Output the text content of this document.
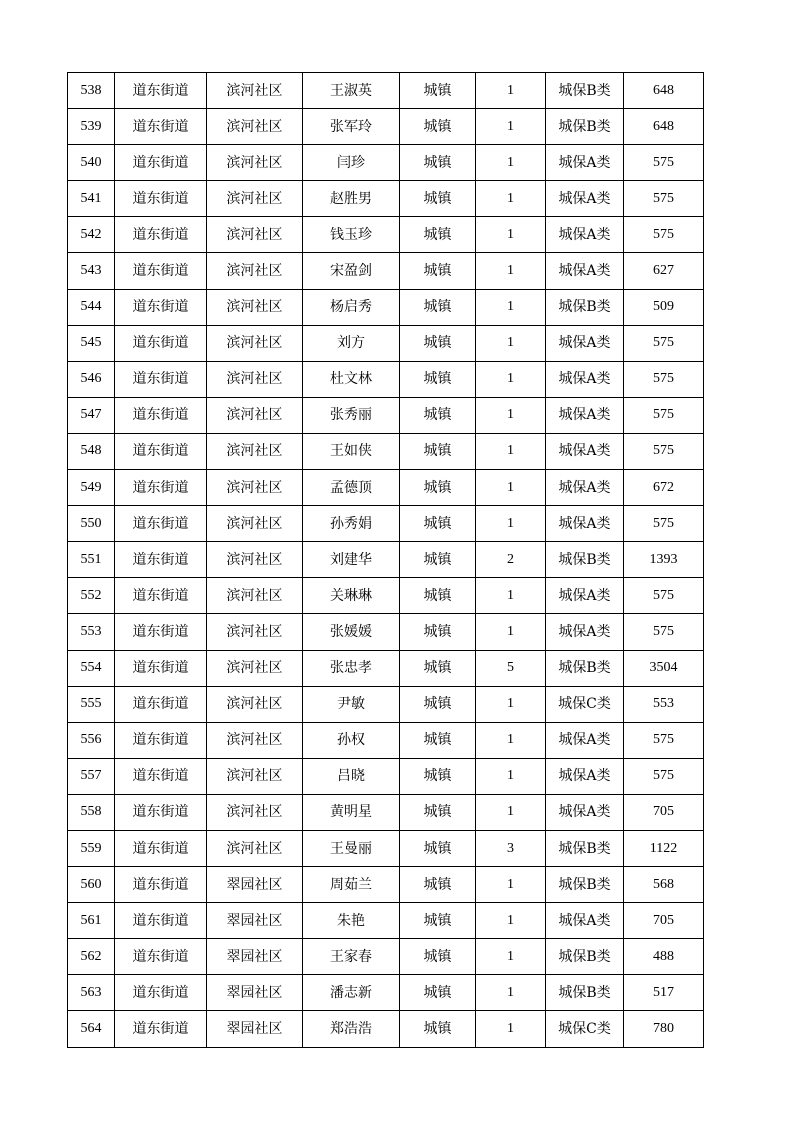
538	道东街道	滨河社区	王淑英	城镇	1	城保B类	648
539	道东街道	滨河社区	张军玲	城镇	1	城保B类	648
540	道东街道	滨河社区	闫珍	城镇	1	城保A类	575
541	道东街道	滨河社区	赵胜男	城镇	1	城保A类	575
542	道东街道	滨河社区	钱玉珍	城镇	1	城保A类	575
543	道东街道	滨河社区	宋盈剑	城镇	1	城保A类	627
544	道东街道	滨河社区	杨启秀	城镇	1	城保B类	509
545	道东街道	滨河社区	刘方	城镇	1	城保A类	575
546	道东街道	滨河社区	杜文林	城镇	1	城保A类	575
547	道东街道	滨河社区	张秀丽	城镇	1	城保A类	575
548	道东街道	滨河社区	王如侠	城镇	1	城保A类	575
549	道东街道	滨河社区	孟德顶	城镇	1	城保A类	672
550	道东街道	滨河社区	孙秀娟	城镇	1	城保A类	575
551	道东街道	滨河社区	刘建华	城镇	2	城保B类	1393
552	道东街道	滨河社区	关琳琳	城镇	1	城保A类	575
553	道东街道	滨河社区	张媛媛	城镇	1	城保A类	575
554	道东街道	滨河社区	张忠孝	城镇	5	城保B类	3504
555	道东街道	滨河社区	尹敏	城镇	1	城保C类	553
556	道东街道	滨河社区	孙权	城镇	1	城保A类	575
557	道东街道	滨河社区	吕晓	城镇	1	城保A类	575
558	道东街道	滨河社区	黄明星	城镇	1	城保A类	705
559	道东街道	滨河社区	王曼丽	城镇	3	城保B类	1122
560	道东街道	翠园社区	周茹兰	城镇	1	城保B类	568
561	道东街道	翠园社区	朱艳	城镇	1	城保A类	705
562	道东街道	翠园社区	王家春	城镇	1	城保B类	488
563	道东街道	翠园社区	潘志新	城镇	1	城保B类	517
564	道东街道	翠园社区	郑浩浩	城镇	1	城保C类	780
